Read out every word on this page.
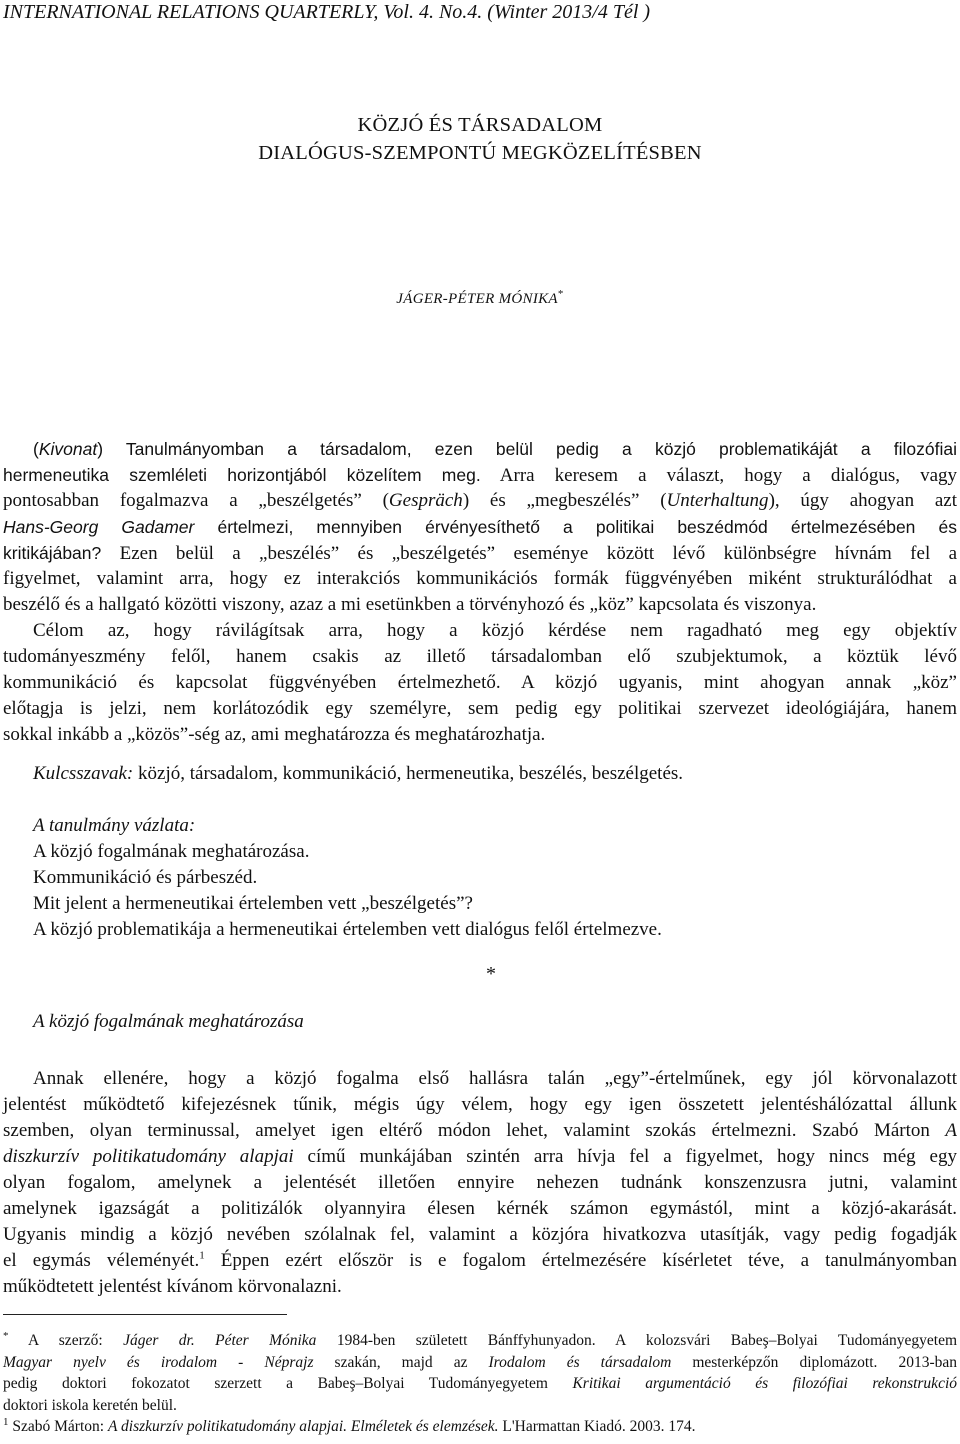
INTERNATIONAL RELATIONS QUARTERLY, Vol. 4. No.4. (Winter 2013/4 Tél )
KÖZJÓ ÉS TÁRSADALOM
DIALÓGUS-SZEMPONTÚ MEGKÖZELÍTÉSBEN
JÁGER-PÉTER MÓNIKA*
(Kivonat) Tanulmányomban a társadalom, ezen belül pedig a közjó problematikáját a filozófiai
hermeneutika szemléleti horizontjából közelítem meg. Arra keresem a választ, hogy a dialógus, vagy
pontosabban fogalmazva a „beszélgetés” (Gespräch) és „megbeszélés” (Unterhaltung), úgy ahogyan azt
Hans-Georg Gadamer értelmezi, mennyiben érvényesíthető a politikai beszédmód értelmezésében és
kritikájában? Ezen belül a „beszélés” és „beszélgetés” eseménye között lévő különbségre hívnám fel a
figyelmet, valamint arra, hogy ez interakciós kommunikációs formák függvényében miként strukturálódhat a
beszélő és a hallgató közötti viszony, azaz a mi esetünkben a törvényhozó és „köz” kapcsolata és viszonya.
Célom az, hogy rávilágítsak arra, hogy a közjó kérdése nem ragadható meg egy objektív
tudományeszmény felől, hanem csakis az illető társadalomban elő szubjektumok, a köztük lévő
kommunikáció és kapcsolat függvényében értelmezhető. A közjó ugyanis, mint ahogyan annak „köz”
előtagja is jelzi, nem korlátozódik egy személyre, sem pedig egy politikai szervezet ideológiájára, hanem
sokkal inkább a „közös”-ség az, ami meghatározza és meghatározhatja.
Kulcsszavak: közjó, társadalom, kommunikáció, hermeneutika, beszélés, beszélgetés.
A tanulmány vázlata:
A közjó fogalmának meghatározása.
Kommunikáció és párbeszéd.
Mit jelent a hermeneutikai értelemben vett „beszélgetés”?
A közjó problematikája a hermeneutikai értelemben vett dialógus felől értelmezve.
*
A közjó fogalmának meghatározása
Annak ellenére, hogy a közjó fogalma első hallásra talán „egy”-értelműnek, egy jól körvonalazott
jelentést működtető kifejezésnek tűnik, mégis úgy vélem, hogy egy igen összetett jelentéshálózattal állunk
szemben, olyan terminussal, amelyet igen eltérő módon lehet, valamint szokás értelmezni. Szabó Márton A
diszkurzív politikatudomány alapjai című munkájában szintén arra hívja fel a figyelmet, hogy nincs még egy
olyan fogalom, amelynek a jelentését illetően ennyire nehezen tudnánk konszenzusra jutni, valamint
amelynek igazságát a politizálók olyannyira élesen kérnék számon egymástól, mint a közjó-akarását.
Ugyanis mindig a közjó nevében szólalnak fel, valamint a közjóra hivatkozva utasítják, vagy pedig fogadják
el egymás véleményét.$^1$ Éppen ezért először is e fogalom értelmezésére kísérletet téve, a tanulmányomban
működtetett jelentést kívánom körvonalazni.
* A szerző: Jáger dr. Péter Mónika 1984-ben született Bánffyhunyadon. A kolozsvári Babeş–Bolyai Tudományegyetem
Magyar nyelv és irodalom - Néprajz szakán, majd az Irodalom és társadalom mesterképzőn diplomázott. 2013-ban
pedig doktori fokozatot szerzett a Babeş–Bolyai Tudományegyetem Kritikai argumentáció és filozófiai rekonstrukció
doktori iskola keretén belül.
$^1$ Szabó Márton: A diszkurzív politikatudomány alapjai. Elméletek és elemzések. L'Harmattan Kiadó. 2003. 174.
